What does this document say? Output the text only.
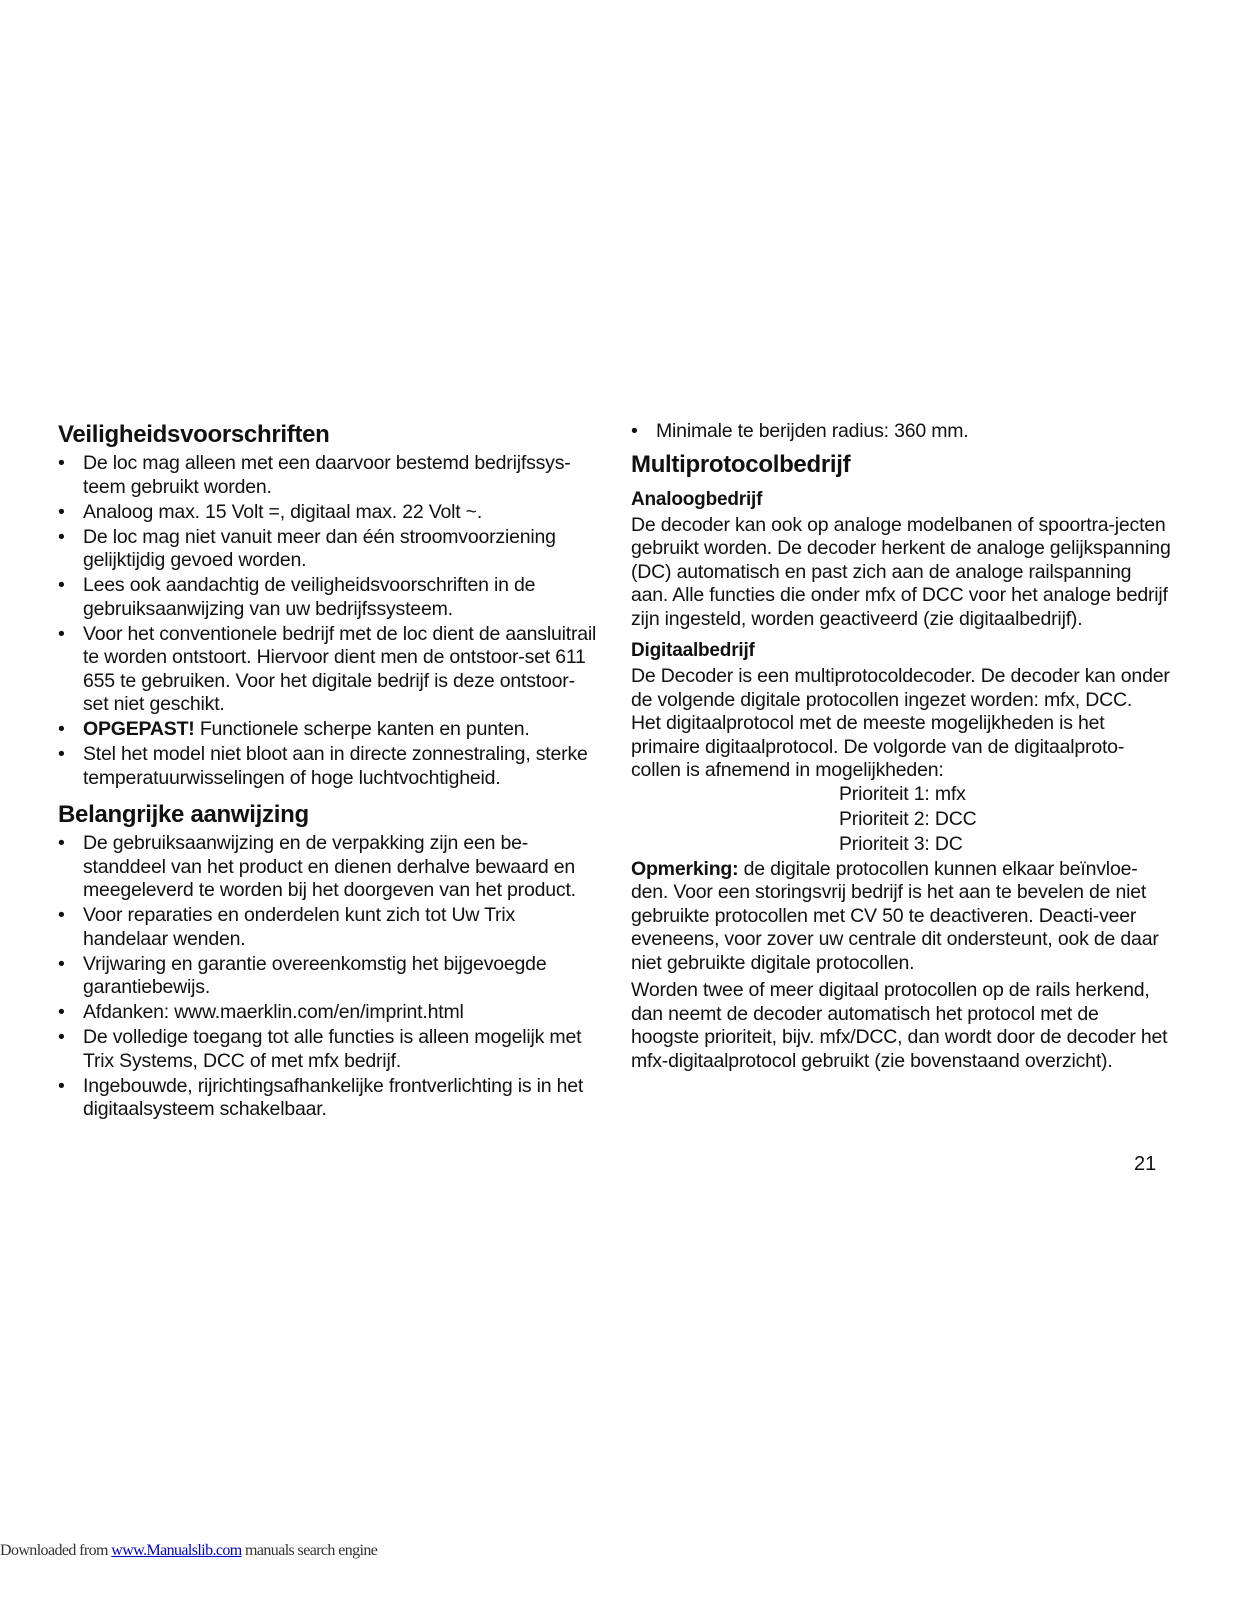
Veiligheidsvoorschriften
• De loc mag alleen met een daarvoor bestemd bedrijfssys-teem gebruikt worden.
• Analoog max. 15 Volt =, digitaal max. 22 Volt ~.
• De loc mag niet vanuit meer dan één stroomvoorziening gelijktijdig gevoed worden.
• Lees ook aandachtig de veiligheidsvoorschriften in de gebruiksaanwijzing van uw bedrijfssysteem.
• Voor het conventionele bedrijf met de loc dient de aansluitrail te worden ontstoort. Hiervoor dient men de ontstoor-set 611 655 te gebruiken. Voor het digitale bedrijf is deze ontstoor-set niet geschikt.
• OPGEPAST! Functionele scherpe kanten en punten.
• Stel het model niet bloot aan in directe zonnestraling, sterke temperatuurwisselingen of hoge luchtvochtigheid.
Belangrijke aanwijzing
• De gebruiksaanwijzing en de verpakking zijn een be-standdeel van het product en dienen derhalve bewaard en meegeleverd te worden bij het doorgeven van het product.
• Voor reparaties en onderdelen kunt zich tot Uw Trix handelaar wenden.
• Vrijwaring en garantie overeenkomstig het bijgevoegde garantiebewijs.
• Afdanken: www.maerklin.com/en/imprint.html
• De volledige toegang tot alle functies is alleen mogelijk met Trix Systems, DCC of met mfx bedrijf.
• Ingebouwde, rijrichtingsafhankelijke frontverlichting is in het digitaalsysteem schakelbaar.
• Minimale te berijden radius: 360 mm.
Multiprotocolbedrijf
Analoogbedrijf

De decoder kan ook op analoge modelbanen of spoortra-jecten gebruikt worden. De decoder herkent de analoge gelijkspanning (DC) automatisch en past zich aan de analoge railspanning aan. Alle functies die onder mfx of DCC voor het analoge bedrijf zijn ingesteld, worden geactiveerd (zie digitaalbedrijf).

Digitaalbedrijf

De Decoder is een multiprotocoldecoder. De decoder kan onder de volgende digitale protocollen ingezet worden: mfx, DCC.

Het digitaalprotocol met de meeste mogelijkheden is het primaire digitaalprotocol. De volgorde van de digitaalproto-collen is afnemend in mogelijkheden:

Prioriteit 1: mfx
Prioriteit 2: DCC
Prioriteit 3: DC

Opmerking: de digitale protocollen kunnen elkaar beïnvloe-den. Voor een storingsvrij bedrijf is het aan te bevelen de niet gebruikte protocollen met CV 50 te deactiveren. Deacti-veer eveneens, voor zover uw centrale dit ondersteunt, ook de daar niet gebruikte digitale protocollen.

Worden twee of meer digitaal protocollen op de rails herkend, dan neemt de decoder automatisch het protocol met de hoogste prioriteit, bijv. mfx/DCC, dan wordt door de decoder het mfx-digitaalprotocol gebruikt (zie bovenstaand overzicht).

21
Downloaded from www.Manualslib.com manuals search engine
